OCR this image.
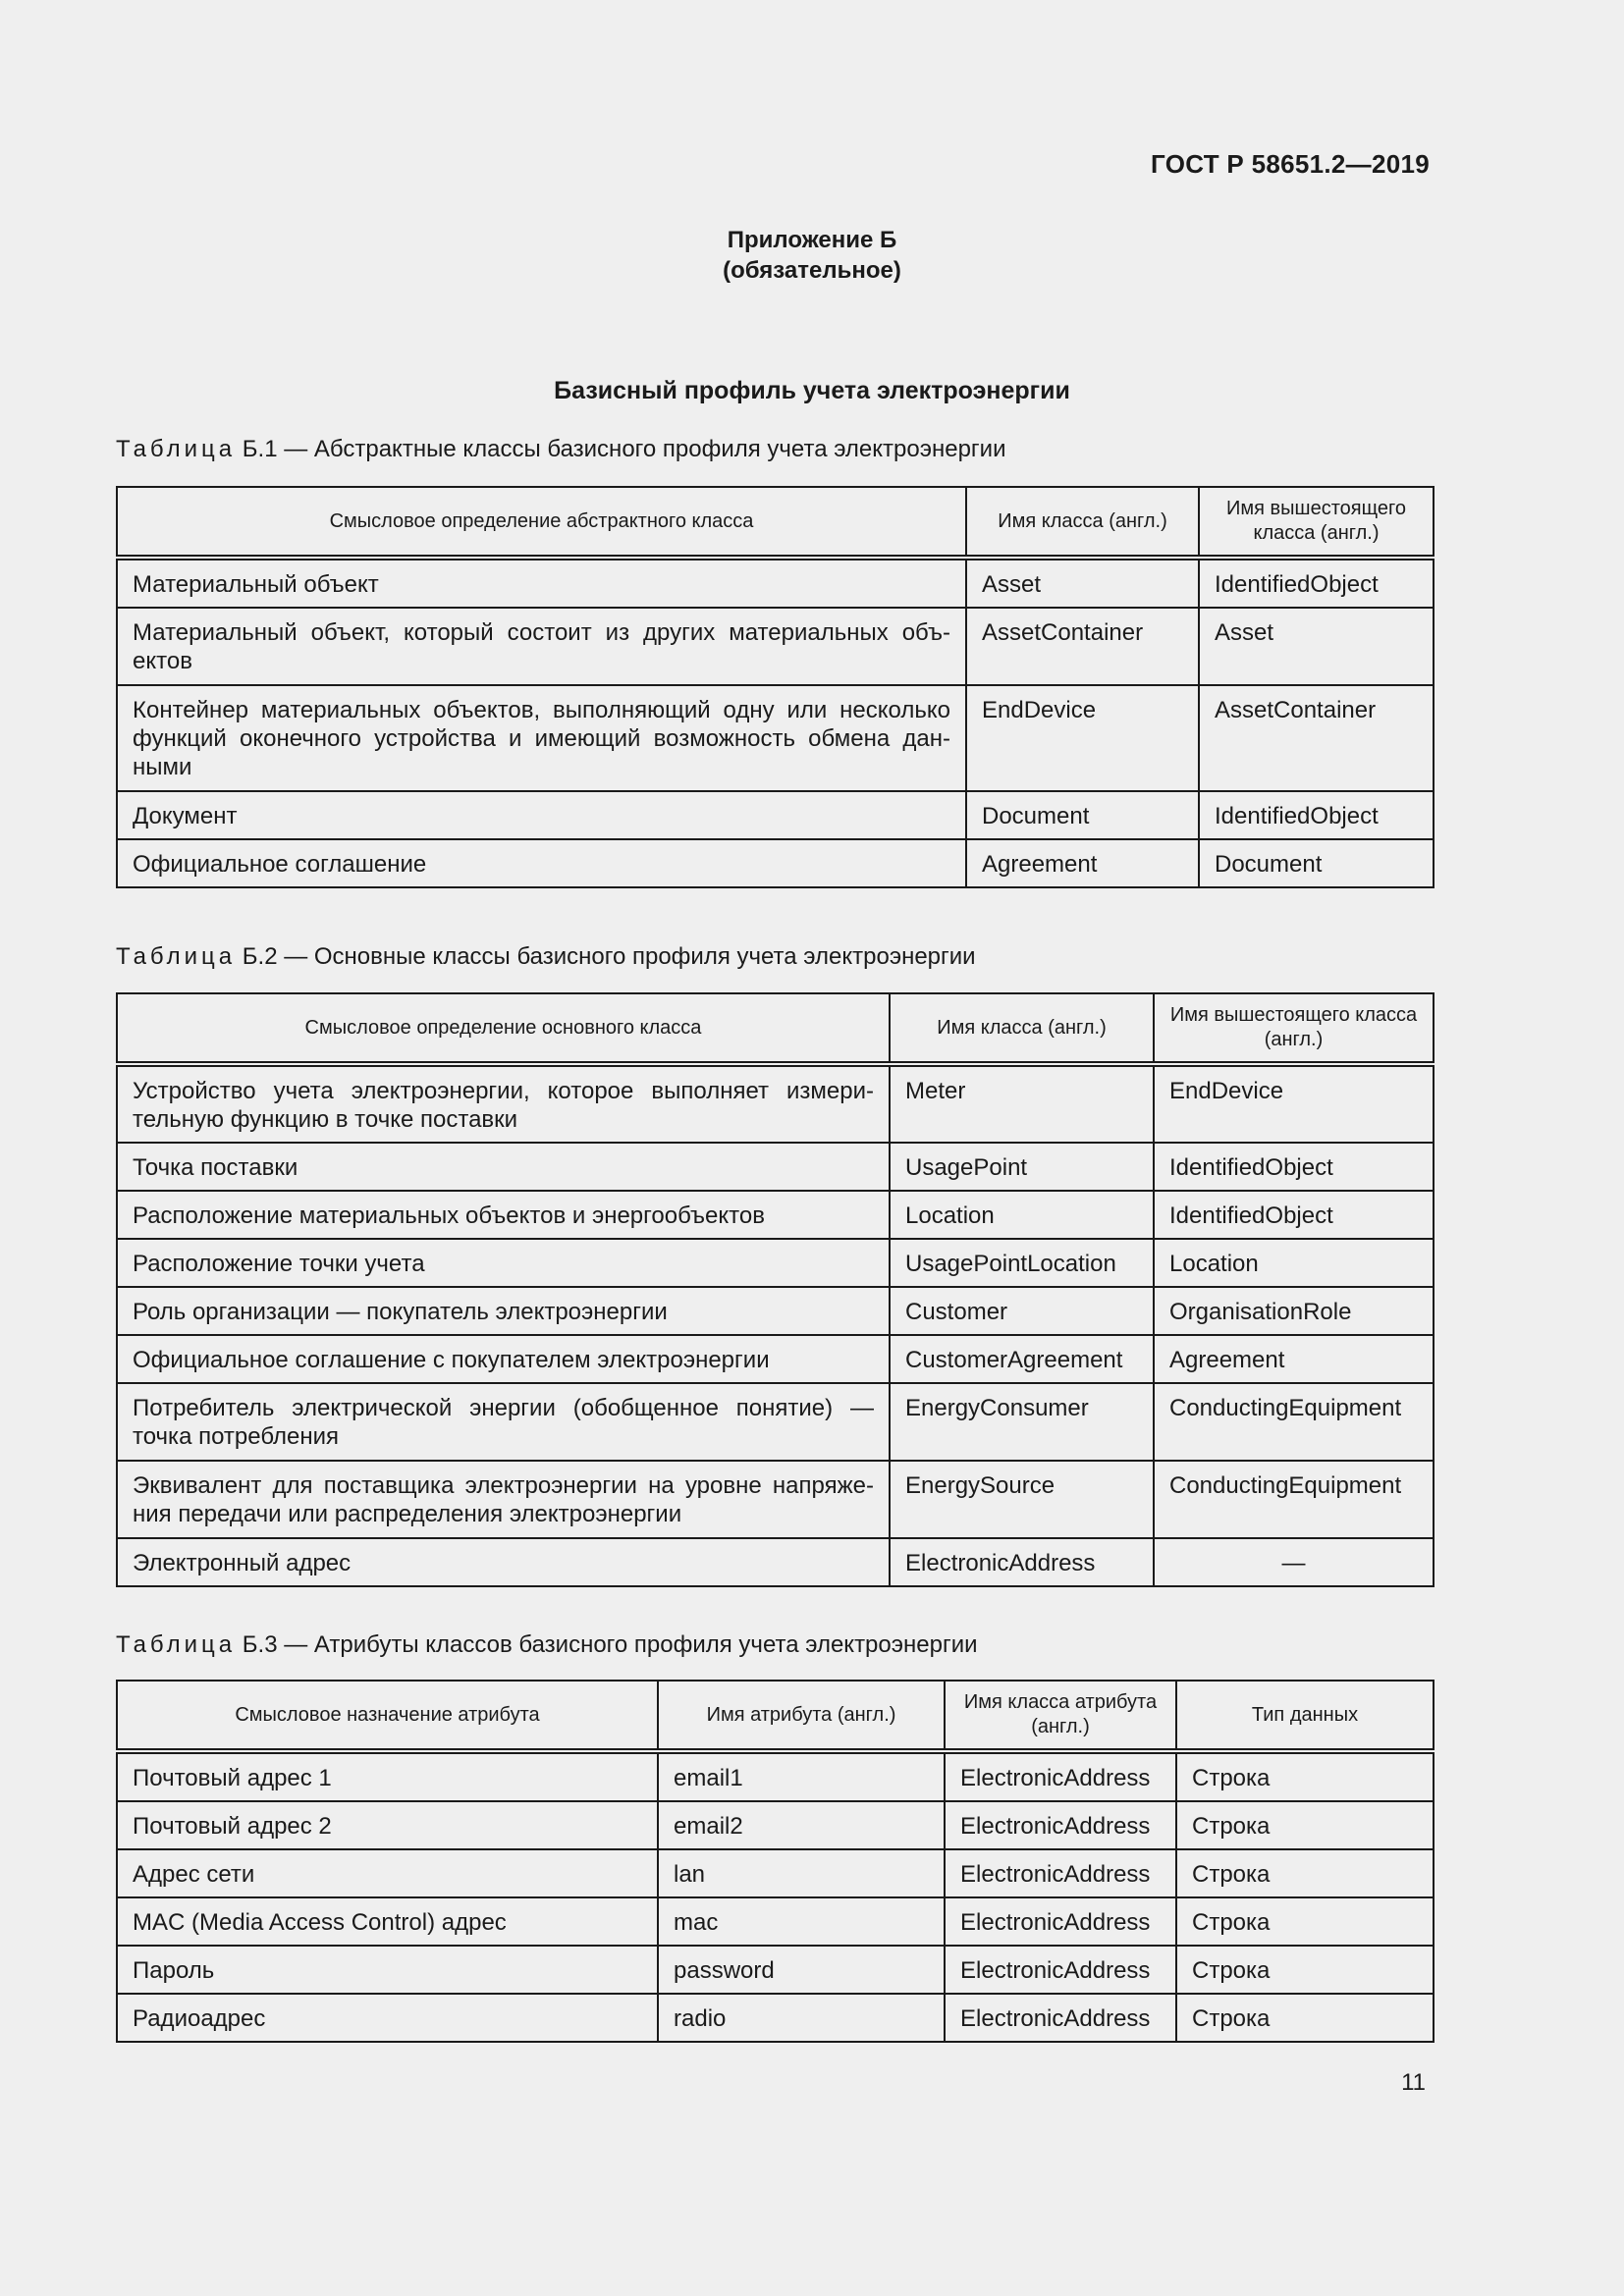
ГОСТ Р 58651.2—2019
Приложение Б
(обязательное)
Базисный профиль учета электроэнергии
Таблица Б.1 — Абстрактные классы базисного профиля учета электроэнергии
Смысловое определение абстрактного класса	Имя класса (англ.)	Имя вышестоящего класса (англ.)
Материальный объект	Asset	IdentifiedObject
Материальный объект, который состоит из других материальных объ-ектов	AssetContainer	Asset
Контейнер материальных объектов, выполняющий одну или несколько функций оконечного устройства и имеющий возможность обмена дан-ными	EndDevice	AssetContainer
Документ	Document	IdentifiedObject
Официальное соглашение	Agreement	Document
Таблица Б.2 — Основные классы базисного профиля учета электроэнергии
Смысловое определение основного класса	Имя класса (англ.)	Имя вышестоящего класса (англ.)
Устройство учета электроэнергии, которое выполняет измери-тельную функцию в точке поставки	Meter	EndDevice
Точка поставки	UsagePoint	IdentifiedObject
Расположение материальных объектов и энергообъектов	Location	IdentifiedObject
Расположение точки учета	UsagePointLocation	Location
Роль организации — покупатель электроэнергии	Customer	OrganisationRole
Официальное соглашение с покупателем электроэнергии	CustomerAgreement	Agreement
Потребитель электрической энергии (обобщенное понятие) — точка потребления	EnergyConsumer	ConductingEquipment
Эквивалент для поставщика электроэнергии на уровне напряже-ния передачи или распределения электроэнергии	EnergySource	ConductingEquipment
Электронный адрес	ElectronicAddress	—
Таблица Б.3 — Атрибуты классов базисного профиля учета электроэнергии
Смысловое назначение атрибута	Имя атрибута (англ.)	Имя класса атрибута (англ.)	Тип данных
Почтовый адрес 1	email1	ElectronicAddress	Строка
Почтовый адрес 2	email2	ElectronicAddress	Строка
Адрес сети	lan	ElectronicAddress	Строка
MAC (Media Access Control) адрес	mac	ElectronicAddress	Строка
Пароль	password	ElectronicAddress	Строка
Радиоадрес	radio	ElectronicAddress	Строка
11
